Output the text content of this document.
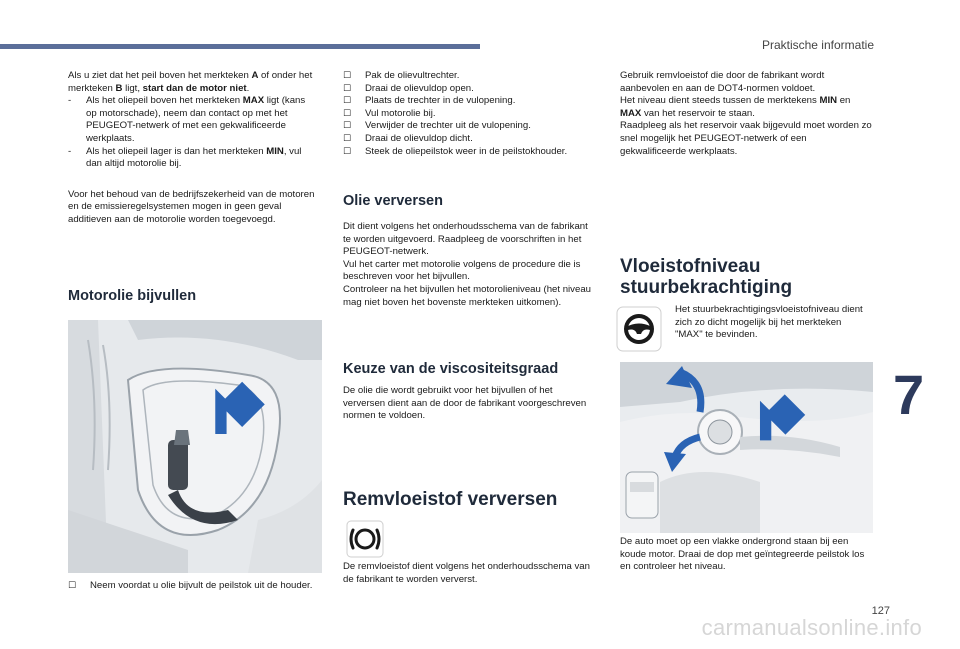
Praktische informatie
7
127
carmanualsonline.info

Als u ziet dat het peil boven het merkteken A of onder het merkteken B ligt, start dan de motor niet.

- Als het oliepeil boven het merkteken MAX ligt (kans op motorschade), neem dan contact op met het PEUGEOT-netwerk of met een gekwalificeerde werkplaats.
- Als het oliepeil lager is dan het merkteken MIN, vul dan altijd motorolie bij.

Voor het behoud van de bedrijfszekerheid van de motoren en de emissieregelsystemen mogen in geen geval additieven aan de motorolie worden toegevoegd.

Motorolie bijvullen
☐ Neem voordat u olie bijvult de peilstok uit de houder.
☐ Pak de olievultrechter.
☐ Draai de olievuldop open.
☐ Plaats de trechter in de vulopening.
☐ Vul motorolie bij.
☐ Verwijder de trechter uit de vulopening.
☐ Draai de olievuldop dicht.
☐ Steek de oliepeilstok weer in de peilstokhouder.
Olie verversen
Dit dient volgens het onderhoudsschema van de fabrikant te worden uitgevoerd. Raadpleeg de voorschriften in het PEUGEOT-netwerk.
Vul het carter met motorolie volgens de procedure die is beschreven voor het bijvullen.
Controleer na het bijvullen het motorolieniveau (het niveau mag niet boven het bovenste merkteken uitkomen).
Keuze van de viscositeitsgraad
De olie die wordt gebruikt voor het bijvullen of het verversen dient aan de door de fabrikant voorgeschreven normen te voldoen.
Remvloeistof verversen
De remvloeistof dient volgens het onderhoudsschema van de fabrikant te worden ververst.
Gebruik remvloeistof die door de fabrikant wordt aanbevolen en aan de DOT4-normen voldoet.
Het niveau dient steeds tussen de merktekens MIN en MAX van het reservoir te staan.
Raadpleeg als het reservoir vaak bijgevuld moet worden zo snel mogelijk het PEUGEOT-netwerk of een gekwalificeerde werkplaats.
Vloeistofniveau
stuurbekrachtiging
Het stuurbekrachtigingsvloeistofniveau dient zich zo dicht mogelijk bij het merkteken "MAX" te bevinden.
De auto moet op een vlakke ondergrond staan bij een koude motor. Draai de dop met geïntegreerde peilstok los en controleer het niveau.
